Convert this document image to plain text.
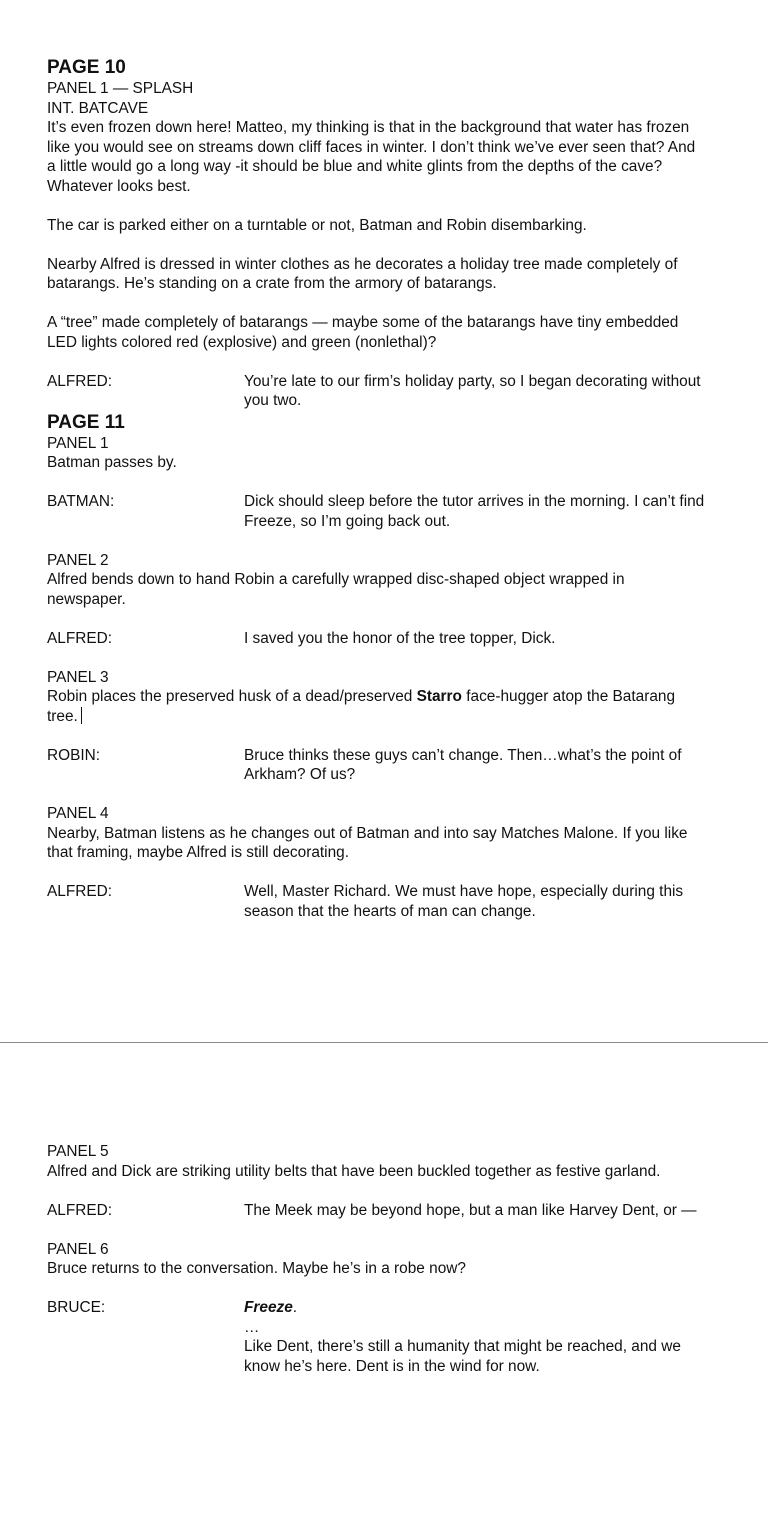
PAGE 10

PANEL 1 — SPLASH

INT. BATCAVE

It’s even frozen down here! Matteo, my thinking is that in the background that water has frozen like you would see on streams down cliff faces in winter. I don’t think we’ve ever seen that? And a little would go a long way -it should be blue and white glints from the depths of the cave? Whatever looks best.

The car is parked either on a turntable or not, Batman and Robin disembarking.

Nearby Alfred is dressed in winter clothes as he decorates a holiday tree made completely of batarangs. He’s standing on a crate from the armory of batarangs.

A “tree” made completely of batarangs — maybe some of the batarangs have tiny embedded LED lights colored red (explosive) and green (nonlethal)?

ALFRED:	You’re late to our firm’s holiday party, so I began decorating without you two.

PAGE 11

PANEL 1

Batman passes by.

BATMAN:	Dick should sleep before the tutor arrives in the morning. I can’t find Freeze, so I’m going back out.

PANEL 2

Alfred bends down to hand Robin a carefully wrapped disc-shaped object wrapped in newspaper.

ALFRED:	I saved you the honor of the tree topper, Dick.

PANEL 3

Robin places the preserved husk of a dead/preserved Starro face-hugger atop the Batarang tree.

ROBIN:	Bruce thinks these guys can’t change. Then…what’s the point of Arkham? Of us?

PANEL 4

Nearby, Batman listens as he changes out of Batman and into say Matches Malone. If you like that framing, maybe Alfred is still decorating.

ALFRED:	Well, Master Richard. We must have hope, especially during this season that the hearts of man can change.

PANEL 5

Alfred and Dick are striking utility belts that have been buckled together as festive garland.

ALFRED:	The Meek may be beyond hope, but a man like Harvey Dent, or —

PANEL 6

Bruce returns to the conversation. Maybe he’s in a robe now?

BRUCE:	Freeze.
…
Like Dent, there’s still a humanity that might be reached, and we know he’s here. Dent is in the wind for now.
